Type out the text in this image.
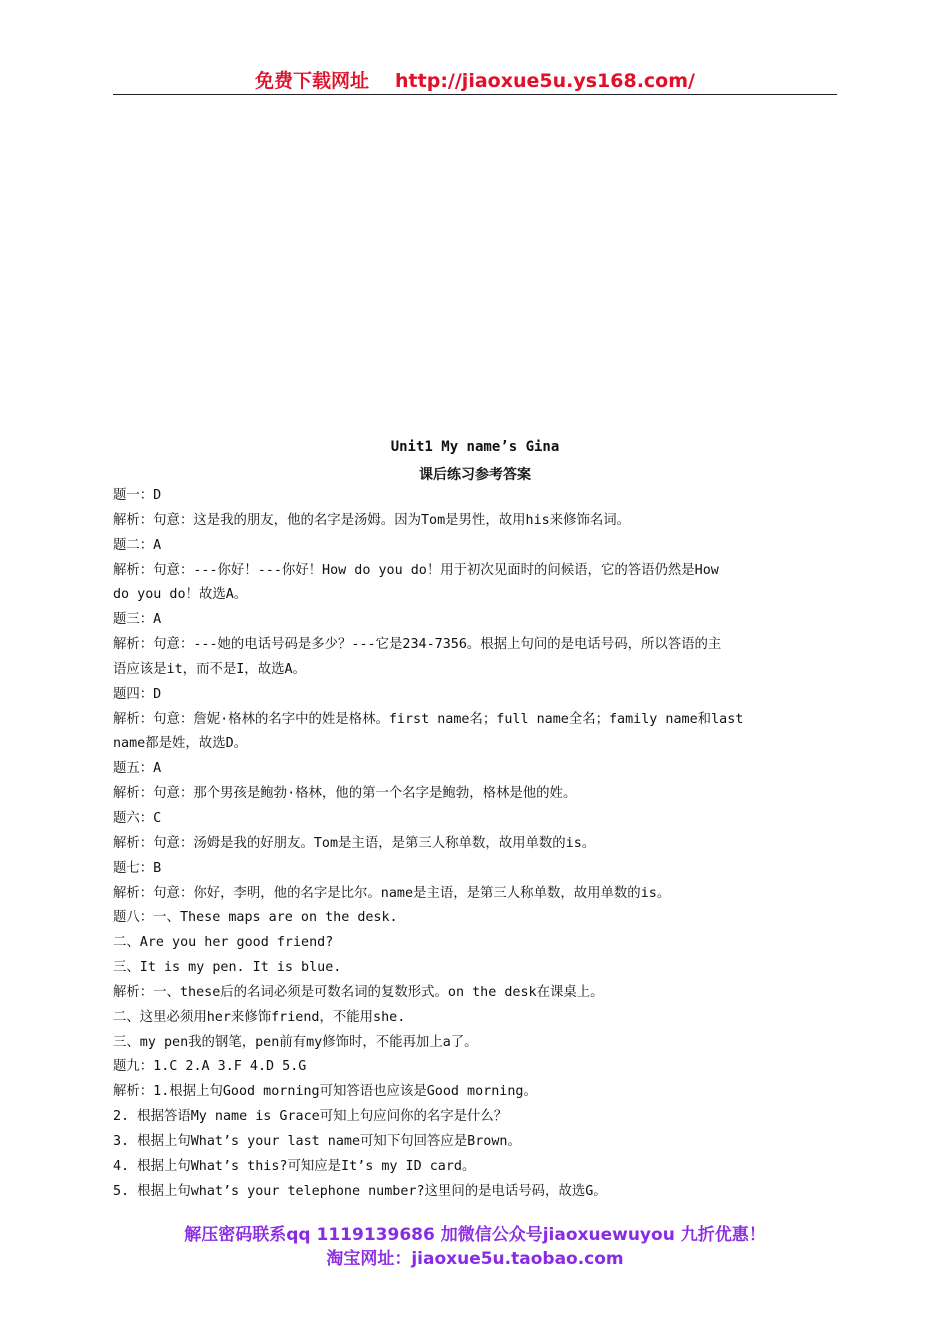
免费下载网址 http://jiaoxue5u.ys168.com/
Unit1 My name’s Gina
课后练习参考答案

题一：D

解析：句意：这是我的朋友，他的名字是汤姆。因为Tom是男性，故用his来修饰名词。

题二：A

解析：句意：---你好！---你好！How do you do！用于初次见面时的问候语，它的答语仍然是How

do you do！故选A。

题三：A

解析：句意：---她的电话号码是多少？---它是234-7356。根据上句问的是电话号码，所以答语的主

语应该是it，而不是I，故选A。

题四：D

解析：句意：詹妮·格林的名字中的姓是格林。first name名；full name全名；family name和last

name都是姓，故选D。

题五：A

解析：句意：那个男孩是鲍勃·格林，他的第一个名字是鲍勃，格林是他的姓。

题六：C

解析：句意：汤姆是我的好朋友。Tom是主语，是第三人称单数，故用单数的is。

题七：B

解析：句意：你好，李明，他的名字是比尔。name是主语，是第三人称单数，故用单数的is。

题八：一、These maps are on the desk.

二、Are you her good friend?

三、It is my pen. It is blue.

解析：一、these后的名词必须是可数名词的复数形式。on the desk在课桌上。

二、这里必须用her来修饰friend，不能用she.

三、my pen我的钢笔，pen前有my修饰时，不能再加上a了。

题九：1.C 2.A 3.F 4.D 5.G

解析：1.根据上句Good morning可知答语也应该是Good morning。

2. 根据答语My name is Grace可知上句应问你的名字是什么？

3. 根据上句What’s your last name可知下句回答应是Brown。

4. 根据上句What’s this?可知应是It’s my ID card。

5. 根据上句what’s your telephone number?这里问的是电话号码，故选G。

解压密码联系qq 1119139686 加微信公众号jiaoxuewuyou 九折优惠！
淘宝网址：jiaoxue5u.taobao.com
